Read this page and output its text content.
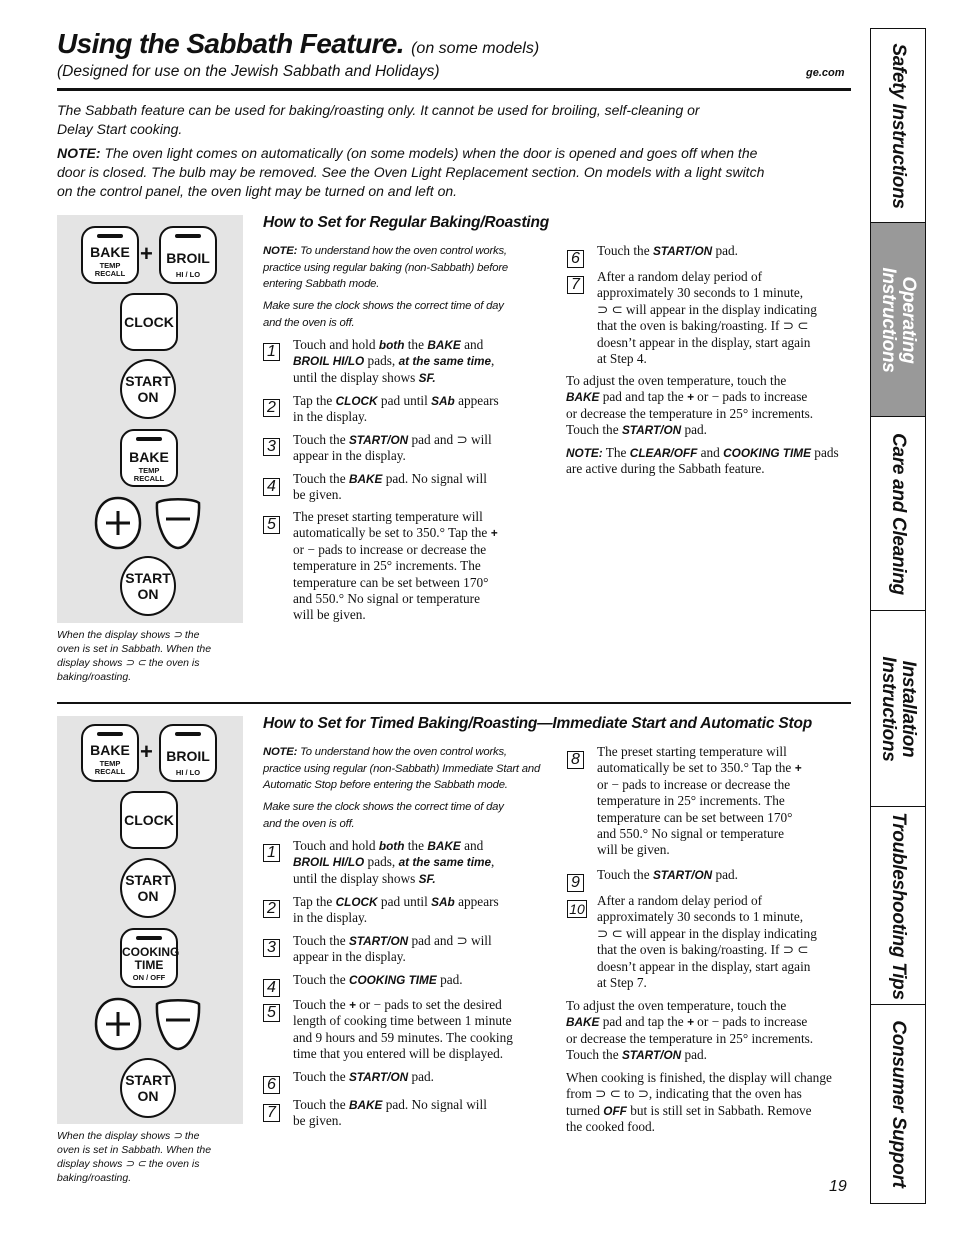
Using the Sabbath Feature. (on some models)
(Designed for use on the Jewish Sabbath and Holidays)	ge.com
The Sabbath feature can be used for baking/roasting only. It cannot be used for broiling, self-cleaning or
Delay Start cooking.
NOTE: The oven light comes on automatically (on some models) when the door is opened and goes off when the
door is closed. The bulb may be removed. See the Oven Light Replacement section. On models with a light switch
on the control panel, the oven light may be turned on and left on.
BAKE
TEMP
RECALL
+ BROIL
HI / LO
CLOCK
START
ON
BAKE
TEMP
RECALL
START
ON
When the display shows ⊃ the
oven is set in Sabbath. When the
display shows ⊃ ⊂ the oven is
baking/roasting.
How to Set for Regular Baking/Roasting
NOTE: To understand how the oven control works,
practice using regular baking (non-Sabbath) before
entering Sabbath mode.
Make sure the clock shows the correct time of day
and the oven is off.
1
2
3
4
5
6
7
Touch and hold both the BAKE and
BROIL HI/LO pads, at the same time,
until the display shows SF.
Tap the CLOCK pad until SAb appears
in the display.
Touch the START/ON pad and ⊃ will
appear in the display.
Touch the BAKE pad. No signal will
be given.
The preset starting temperature will
automatically be set to 350.° Tap the +
or − pads to increase or decrease the
temperature in 25° increments. The
temperature can be set between 170°
and 550.° No signal or temperature
will be given.
Touch the START/ON pad.
After a random delay period of
approximately 30 seconds to 1 minute,
⊃ ⊂ will appear in the display indicating
that the oven is baking/roasting. If ⊃ ⊂
doesn’t appear in the display, start again
at Step 4.
To adjust the oven temperature, touch the
BAKE pad and tap the + or − pads to increase
or decrease the temperature in 25° increments.
Touch the START/ON pad.
NOTE: The CLEAR/OFF and COOKING TIME pads
are active during the Sabbath feature.
BAKE
TEMP
RECALL
+ BROIL
HI / LO
CLOCK
START
ON
COOKING
TIME
ON / OFF
START
ON
When the display shows ⊃ the
oven is set in Sabbath. When the
display shows ⊃ ⊂ the oven is
baking/roasting.
How to Set for Timed Baking/Roasting—Immediate Start and Automatic Stop
NOTE: To understand how the oven control works,
practice using regular (non-Sabbath) Immediate Start and
Automatic Stop before entering the Sabbath mode.
Make sure the clock shows the correct time of day
and the oven is off.
1
2
3
4
5
6
7
8
9
10
Touch and hold both the BAKE and
BROIL HI/LO pads, at the same time,
until the display shows SF.
Tap the CLOCK pad until SAb appears
in the display.
Touch the START/ON pad and ⊃ will
appear in the display.
Touch the COOKING TIME pad.
Touch the + or − pads to set the desired
length of cooking time between 1 minute
and 9 hours and 59 minutes. The cooking
time that you entered will be displayed.
Touch the START/ON pad.
Touch the BAKE pad. No signal will
be given.
The preset starting temperature will
automatically be set to 350.° Tap the +
or − pads to increase or decrease the
temperature in 25° increments. The
temperature can be set between 170°
and 550.° No signal or temperature
will be given.
Touch the START/ON pad.
After a random delay period of
approximately 30 seconds to 1 minute,
⊃ ⊂ will appear in the display indicating
that the oven is baking/roasting. If ⊃ ⊂
doesn’t appear in the display, start again
at Step 7.
To adjust the oven temperature, touch the
BAKE pad and tap the + or − pads to increase
or decrease the temperature in 25° increments.
Touch the START/ON pad.
When cooking is finished, the display will change
from ⊃ ⊂ to ⊃, indicating that the oven has
turned OFF but is still set in Sabbath. Remove
the cooked food.
Safety Instructions
Operating
Instructions
Care and Cleaning
Installation
Instructions
Troubleshooting Tips
Consumer Support
19
